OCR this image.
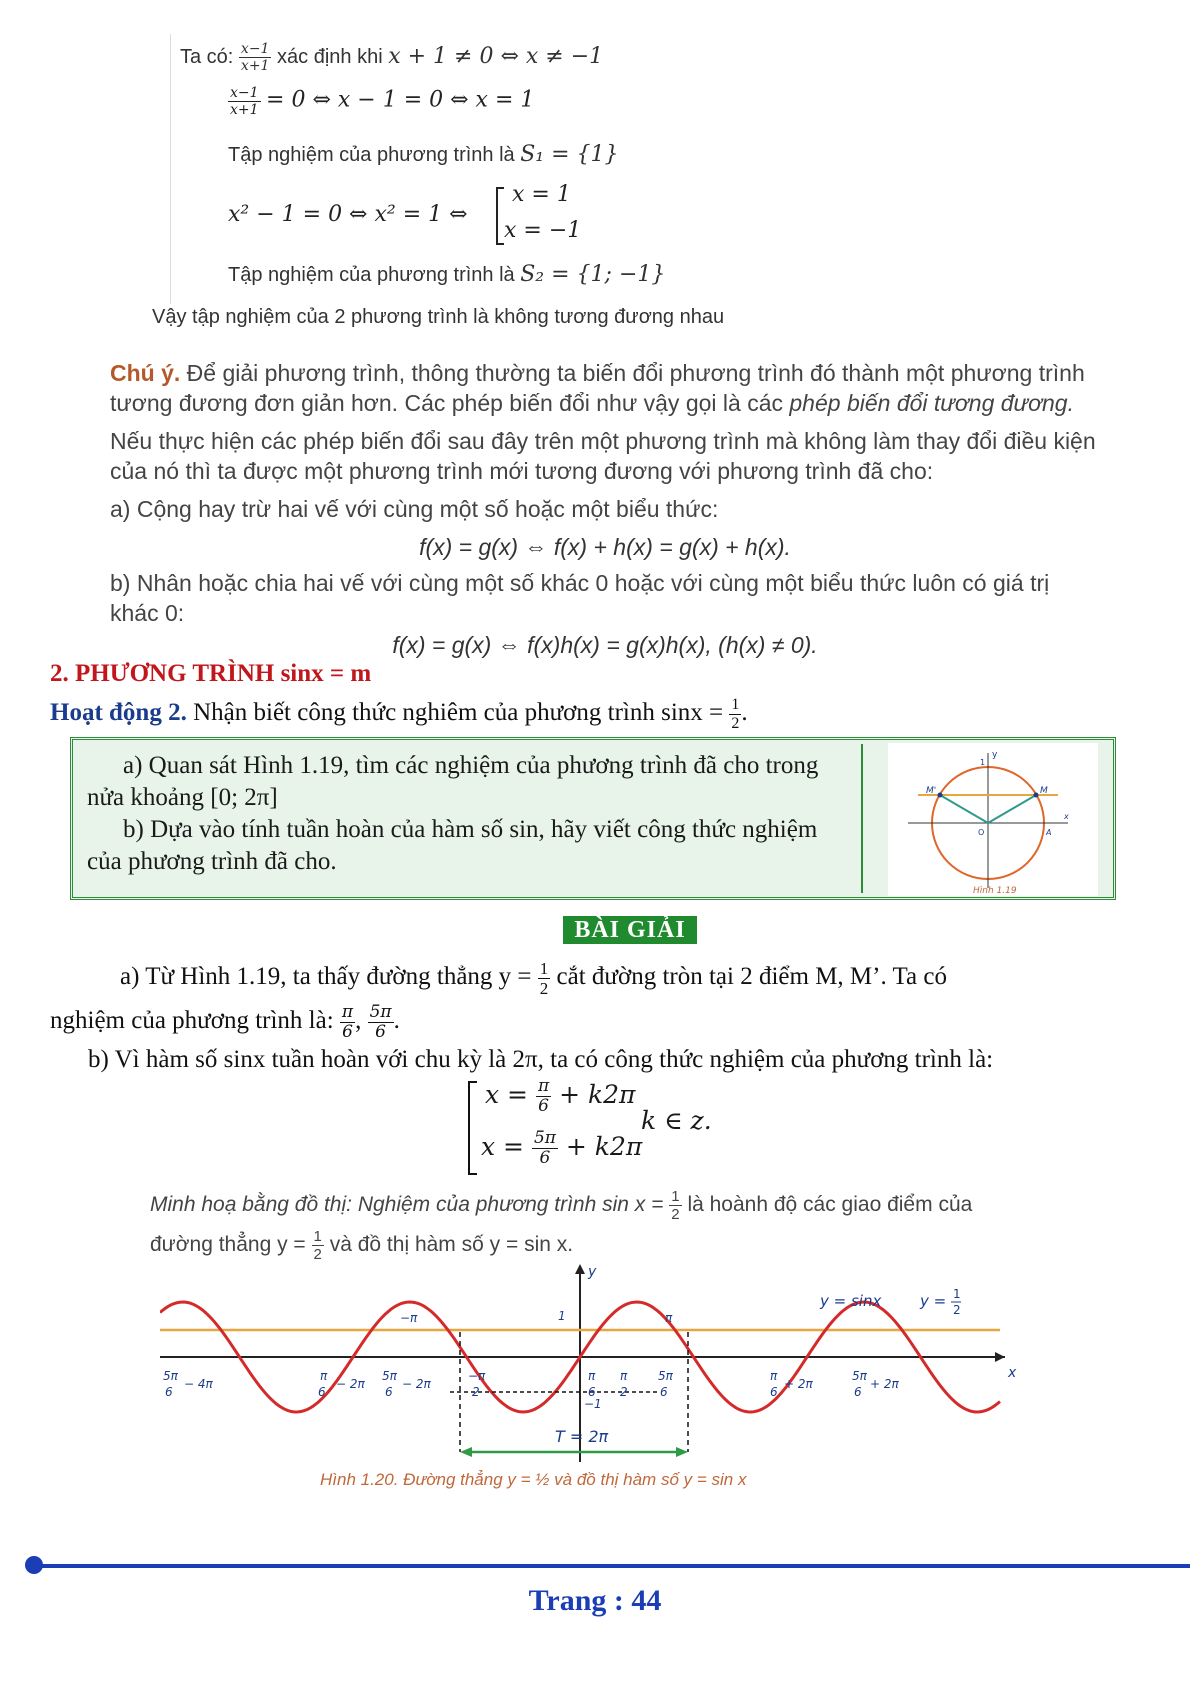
Ta có: $\frac{x-1}{x+1}$ xác định khi x + 1 ≠ 0 ⇔ x ≠ −1
$\frac{x-1}{x+1} = 0$ ⇔ x − 1 = 0 ⇔ x = 1
Tập nghiệm của phương trình là S₁ = {1}
x² − 1 = 0 ⇔ x² = 1 ⇔
x = 1
x = −1
Tập nghiệm của phương trình là S₂ = {1; −1}
Vậy tập nghiệm của 2 phương trình là không tương đương nhau

Chú ý. Để giải phương trình, thông thường ta biến đổi phương trình đó thành một phương trình tương đương đơn giản hơn. Các phép biến đổi như vậy gọi là các phép biến đổi tương đương.

Nếu thực hiện các phép biến đổi sau đây trên một phương trình mà không làm thay đổi điều kiện của nó thì ta được một phương trình mới tương đương với phương trình đã cho:

a) Cộng hay trừ hai vế với cùng một số hoặc một biểu thức:

f(x) = g(x) ⇔ f(x) + h(x) = g(x) + h(x).

b) Nhân hoặc chia hai vế với cùng một số khác 0 hoặc với cùng một biểu thức luôn có giá trị khác 0:

f(x) = g(x) ⇔ f(x)h(x) = g(x)h(x), (h(x) ≠ 0).
2. PHƯƠNG TRÌNH sinx = m
Hoạt động 2. Nhận biết công thức nghiêm của phương trình $\sin x = \frac{1}{2}$ .
a) Quan sát Hình 1.19, tìm các nghiệm của phương trình đã cho trong nửa khoảng [0; 2π]
b) Dựa vào tính tuần hoàn của hàm số sin, hãy viết công thức nghiệm của phương trình đã cho.
y
1
M'	M
O	A
x
Hình 1.19
BÀI GIẢI
a) Từ Hình 1.19, ta thấy đường thẳng $y = \frac{1}{2}$ cắt đường tròn tại 2 điểm M, M’. Ta có
nghiệm của phương trình là: $\frac{\pi}{6}$ , $\frac{5\pi}{6}$ .
b) Vì hàm số sinx tuần hoàn với chu kỳ là 2π, ta có công thức nghiệm của phương trình là:
$x = \frac{\pi}{6} + k2\pi$
$x = \frac{5\pi}{6} + k2\pi$
k ∈ z.
Minh hoạ bằng đồ thị: Nghiệm của phương trình $\sin x = \frac{1}{2}$ là hoành độ các giao điểm của
đường thẳng $y = \frac{1}{2}$ và đồ thị hàm số y = sin x.
T = 2π
y = sinx	y = 1
2
x
y
5π
6
− 4π
π
6
− 2π
5π
6
− 2π
−π
2
π
6
π
2
5π
6
π
6
+ 2π
5π
6
+ 2π
−1
1
−π	π
Hình 1.20. Đường thẳng y = ½ và đồ thị hàm số y = sin x
Trang : 44
